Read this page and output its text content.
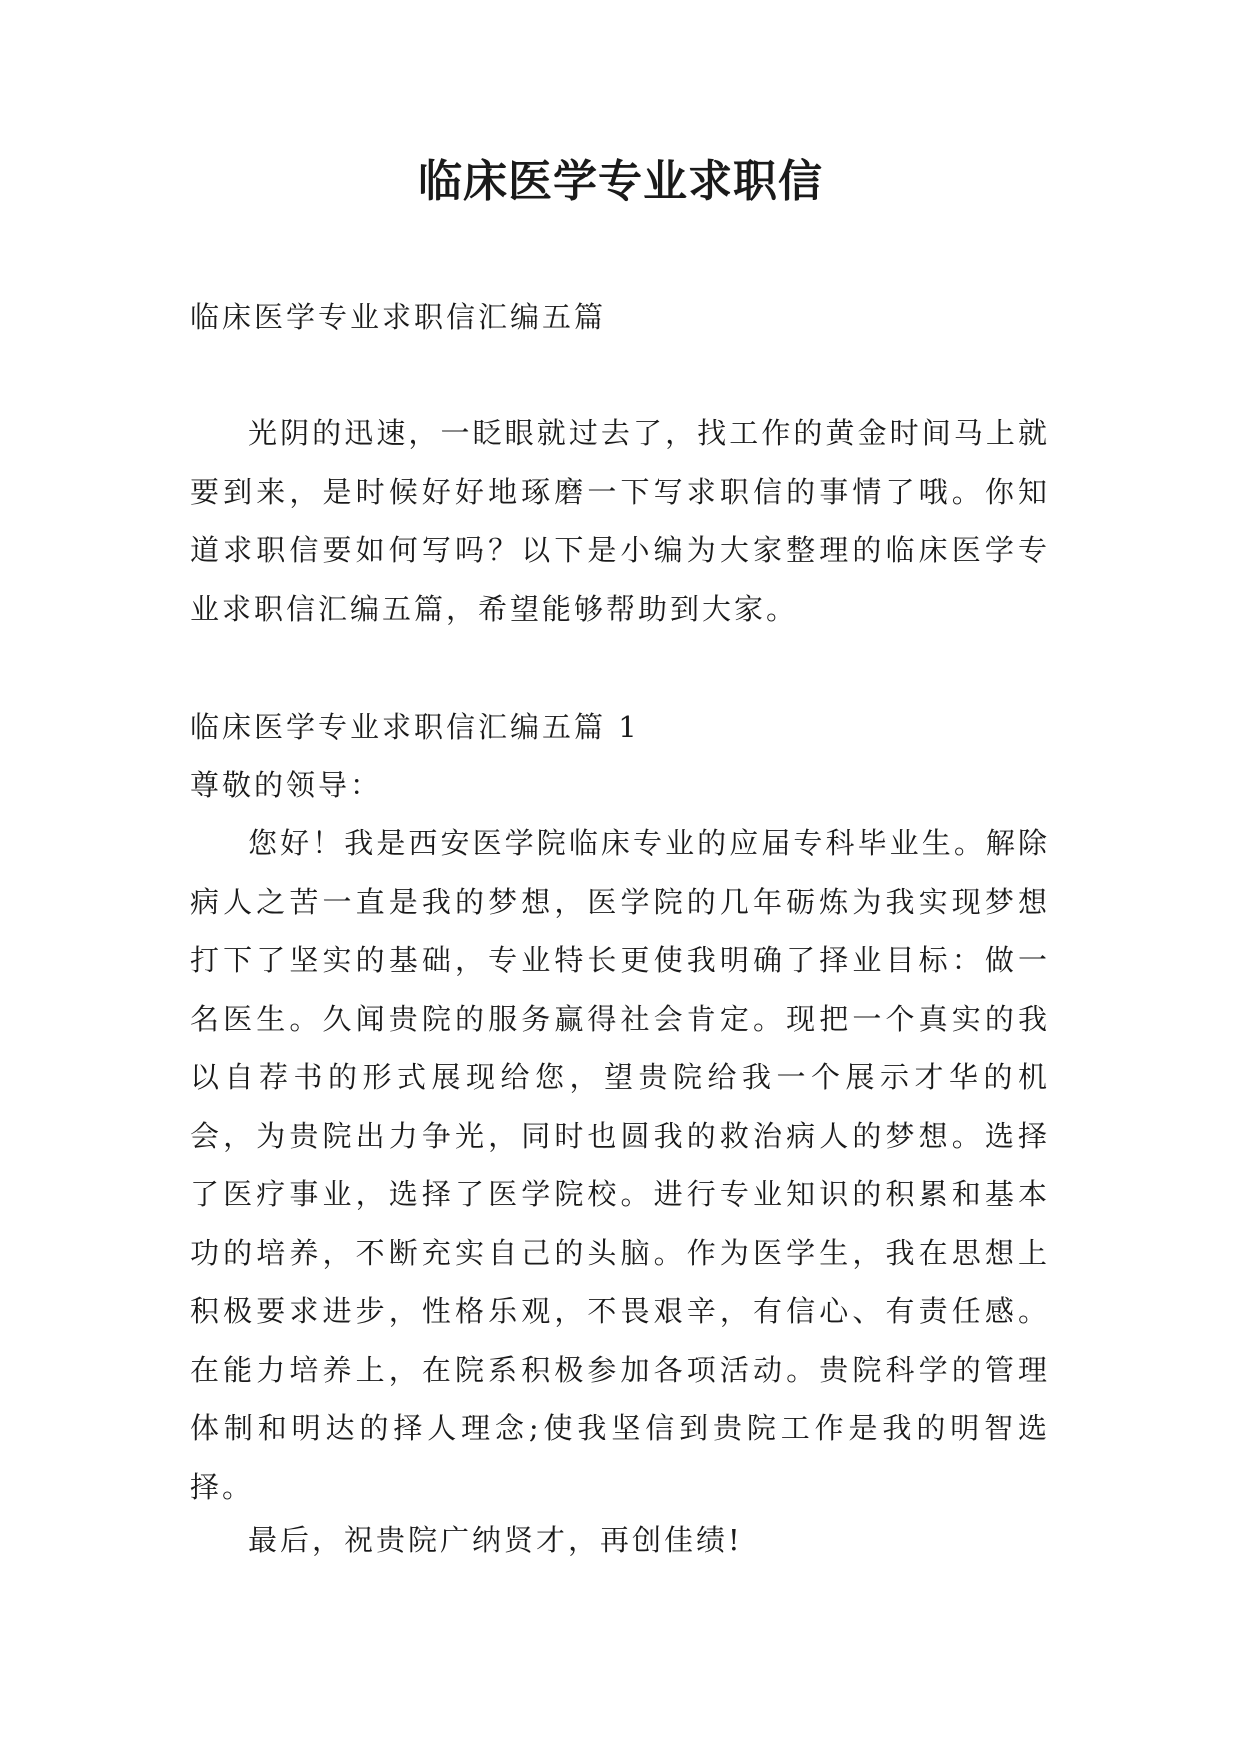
临床医学专业求职信

临床医学专业求职信汇编五篇

光阴的迅速，一眨眼就过去了，找工作的黄金时间马上就要到来，是时候好好地琢磨一下写求职信的事情了哦。你知道求职信要如何写吗？以下是小编为大家整理的临床医学专业求职信汇编五篇，希望能够帮助到大家。

临床医学专业求职信汇编五篇 1

尊敬的领导：

您好！我是西安医学院临床专业的应届专科毕业生。解除病人之苦一直是我的梦想，医学院的几年砺炼为我实现梦想打下了坚实的基础，专业特长更使我明确了择业目标：做一名医生。久闻贵院的服务赢得社会肯定。现把一个真实的我以自荐书的形式展现给您，望贵院给我一个展示才华的机会，为贵院出力争光，同时也圆我的救治病人的梦想。选择了医疗事业，选择了医学院校。进行专业知识的积累和基本功的培养，不断充实自己的头脑。作为医学生，我在思想上积极要求进步，性格乐观，不畏艰辛，有信心、有责任感。在能力培养上，在院系积极参加各项活动。贵院科学的管理体制和明达的择人理念;使我坚信到贵院工作是我的明智选择。

最后，祝贵院广纳贤才，再创佳绩!
